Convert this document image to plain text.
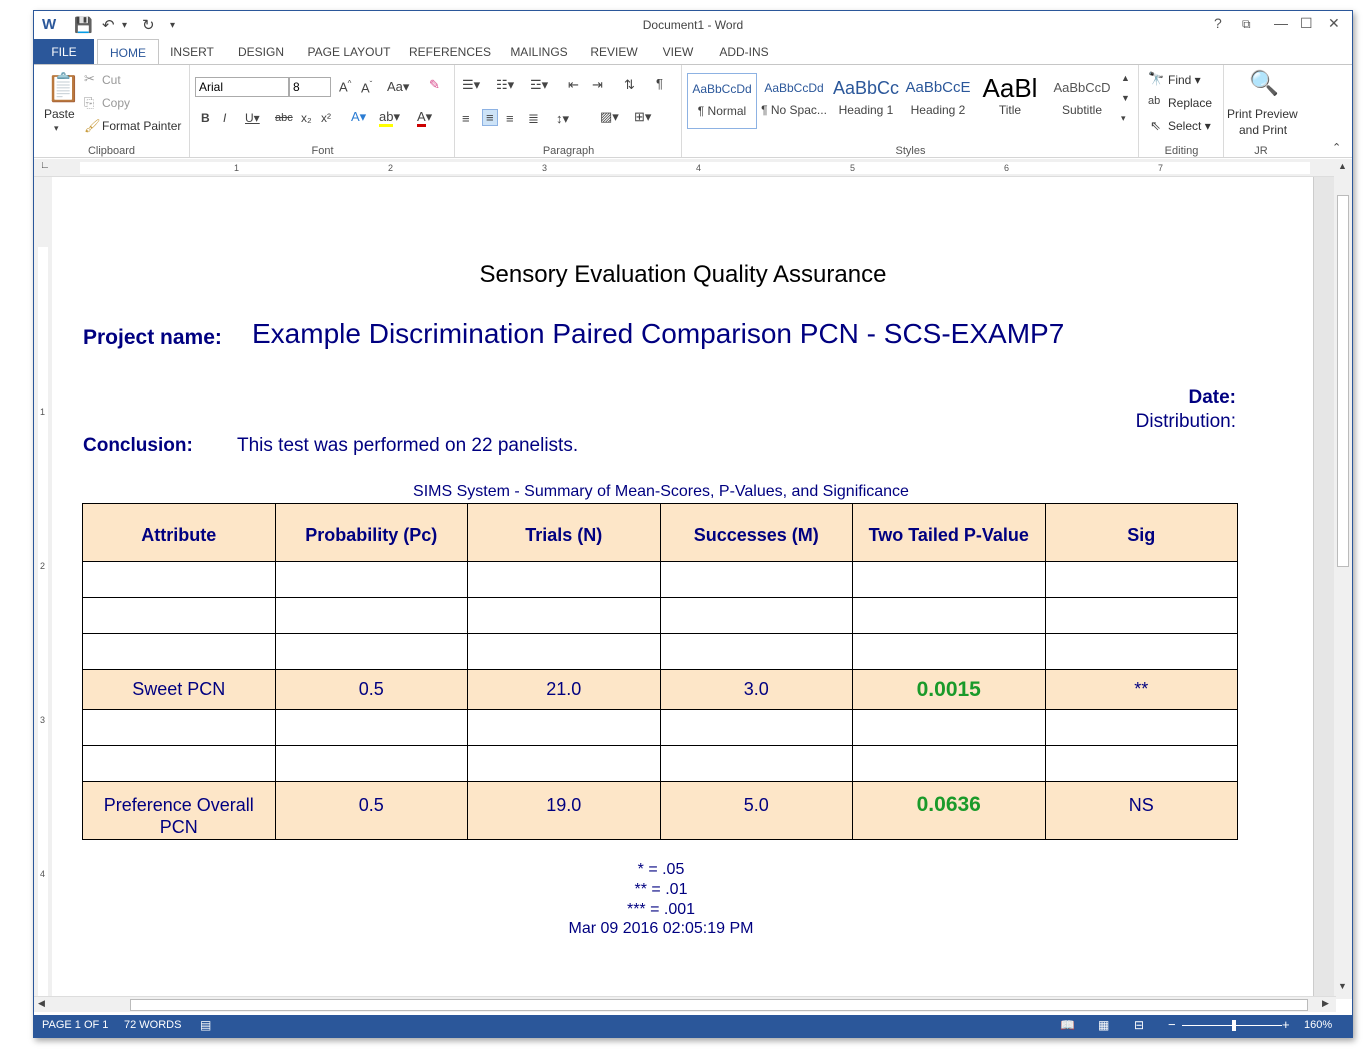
W 💾 ↶ ▾ ↻ ▾	Document1 - Word	? ⧉ — ☐ ✕
FILE	HOME	INSERT	DESIGN	PAGE LAYOUT	REFERENCES	MAILINGS	REVIEW	VIEW	ADD-INS
📋
Paste
▾
✂ Cut
⎘ Copy
🖌 Format Painter
Clipboard
Arial	8	A^ $A^ˇ$ Aa▾ ✎
B I U▾ abc x₂ x² A▾ ab▾ A▾
Font
☰▾ ☷▾ ☲▾ ⇤ ⇥ ⇅ ¶
≡	≡ ≡ ≣ ↕▾ ▨▾ ⊞▾
Paragraph
AaBbCcDd
¶ Normal
AaBbCcDd
¶ No Spac...
AaBbCc
Heading 1
AaBbCcE
Heading 2
AaBl
Title
AaBbCcD
Subtitle
▲
▼
▾
Styles
🔭 Find ▾
ab Replace
⇖ Select ▾
Editing
🔍
Print Preview
and Print
JR	⌃
∟	1	2	3	4	5	6	7
1
2
3
4
Sensory Evaluation Quality Assurance
Project name: Example Discrimination Paired Comparison PCN - SCS-EXAMP7
Date:
Distribution:
Conclusion: This test was performed on 22 panelists.
SIMS System - Summary of Mean-Scores, P-Values, and Significance
Attribute	Probability (Pc)	Trials (N)	Successes (M)	Two Tailed P-Value	Sig

Sweet PCN	0.5	21.0	3.0	0.0015	**

Preference Overall PCN	0.5	19.0	5.0	0.0636	NS
* = .05
** = .01
*** = .001
Mar 09 2016 02:05:19 PM
▲
▼
◀	▶
PAGE 1 OF 1 72 WORDS ▤	📖 ▦ ⊟ −	+ 160%
